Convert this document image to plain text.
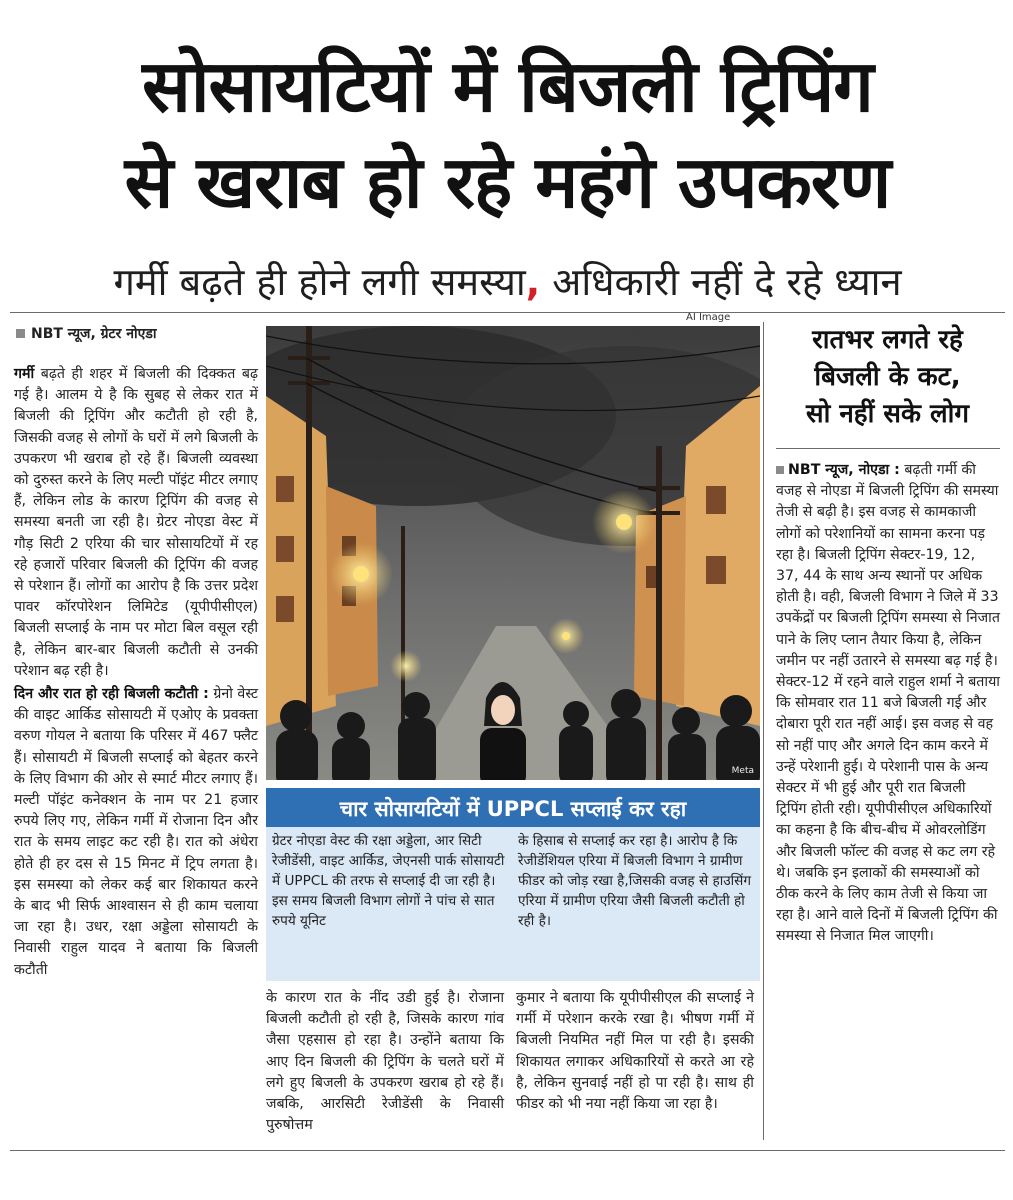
सोसायटियों में बिजली ट्रिपिंग
से खराब हो रहे महंगे उपकरण
गर्मी बढ़ते ही होने लगी समस्या, अधिकारी नहीं दे रहे ध्यान
NBT न्यूज, ग्रेटर नोएडा

गर्मी बढ़ते ही शहर में बिजली की दिक्कत बढ़ गई है। आलम ये है कि सुबह से लेकर रात में बिजली की ट्रिपिंग और कटौती हो रही है, जिसकी वजह से लोगों के घरों में लगे बिजली के उपकरण भी खराब हो रहे हैं। बिजली व्यवस्था को दुरुस्त करने के लिए मल्टी पॉइंट मीटर लगाए हैं, लेकिन लोड के कारण ट्रिपिंग की वजह से समस्या बनती जा रही है। ग्रेटर नोएडा वेस्ट में गौड़ सिटी 2 एरिया की चार सोसायटियों में रह रहे हजारों परिवार बिजली की ट्रिपिंग की वजह से परेशान हैं। लोगों का आरोप है कि उत्तर प्रदेश पावर कॉरपोरेशन लिमिटेड (यूपीपीसीएल) बिजली सप्लाई के नाम पर मोटा बिल वसूल रही है, लेकिन बार-बार बिजली कटौती से उनकी परेशान बढ़ रही है।

दिन और रात हो रही बिजली कटौती : ग्रेनो वेस्ट की वाइट आर्किड सोसायटी में एओए के प्रवक्ता वरुण गोयल ने बताया कि परिसर में 467 फ्लैट हैं। सोसायटी में बिजली सप्लाई को बेहतर करने के लिए विभाग की ओर से स्मार्ट मीटर लगाए हैं। मल्टी पॉइंट कनेक्शन के नाम पर 21 हजार रुपये लिए गए, लेकिन गर्मी में रोजाना दिन और रात के समय लाइट कट रही है। रात को अंधेरा होते ही हर दस से 15 मिनट में ट्रिप लगता है। इस समस्या को लेकर कई बार शिकायत करने के बाद भी सिर्फ आश्वासन से ही काम चलाया जा रहा है। उधर, रक्षा अड्डेला सोसायटी के निवासी राहुल यादव ने बताया कि बिजली कटौती

AI Image
Meta
चार सोसायटियों में UPPCL सप्लाई कर रहा
ग्रेटर नोएडा वेस्ट की रक्षा अड्डेला, आर सिटी रेजीडेंसी, वाइट आर्किड, जेएनसी पार्क सोसायटी में UPPCL की तरफ से सप्लाई दी जा रही है। इस समय बिजली विभाग लोगों ने पांच से सात रुपये यूनिट
के हिसाब से सप्लाई कर रहा है। आरोप है कि रेजीडेंशियल एरिया में बिजली विभाग ने ग्रामीण फीडर को जोड़ रखा है,जिसकी वजह से हाउसिंग एरिया में ग्रामीण एरिया जैसी बिजली कटौती हो रही है।
के कारण रात के नींद उडी हुई है। रोजाना बिजली कटौती हो रही है, जिसके कारण गांव जैसा एहसास हो रहा है। उन्होंने बताया कि आए दिन बिजली की ट्रिपिंग के चलते घरों में लगे हुए बिजली के उपकरण खराब हो रहे हैं। जबकि, आरसिटी रेजीडेंसी के निवासी पुरुषोत्तम
कुमार ने बताया कि यूपीपीसीएल की सप्लाई ने गर्मी में परेशान करके रखा है। भीषण गर्मी में बिजली नियमित नहीं मिल पा रही है। इसकी शिकायत लगाकर अधिकारियों से करते आ रहे है, लेकिन सुनवाई नहीं हो पा रही है। साथ ही फीडर को भी नया नहीं किया जा रहा है।
रातभर लगते रहे
बिजली के कट,
सो नहीं सके लोग

NBT न्यूज, नोएडा : बढ़ती गर्मी की वजह से नोएडा में बिजली ट्रिपिंग की समस्या तेजी से बढ़ी है। इस वजह से कामकाजी लोगों को परेशानियों का सामना करना पड़ रहा है। बिजली ट्रिपिंग सेक्टर-19, 12, 37, 44 के साथ अन्य स्थानों पर अधिक होती है। वही, बिजली विभाग ने जिले में 33 उपकेंद्रों पर बिजली ट्रिपिंग समस्या से निजात पाने के लिए प्लान तैयार किया है, लेकिन जमीन पर नहीं उतारने से समस्या बढ़ गई है। सेक्टर-12 में रहने वाले राहुल शर्मा ने बताया कि सोमवार रात 11 बजे बिजली गई और दोबारा पूरी रात नहीं आई। इस वजह से वह सो नहीं पाए और अगले दिन काम करने में उन्हें परेशानी हुई। ये परेशानी पास के अन्य सेक्टर में भी हुई और पूरी रात बिजली ट्रिपिंग होती रही। यूपीपीसीएल अधिकारियों का कहना है कि बीच-बीच में ओवरलोडिंग और बिजली फॉल्ट की वजह से कट लग रहे थे। जबकि इन इलाकों की समस्याओं को ठीक करने के लिए काम तेजी से किया जा रहा है। आने वाले दिनों में बिजली ट्रिपिंग की समस्या से निजात मिल जाएगी।
